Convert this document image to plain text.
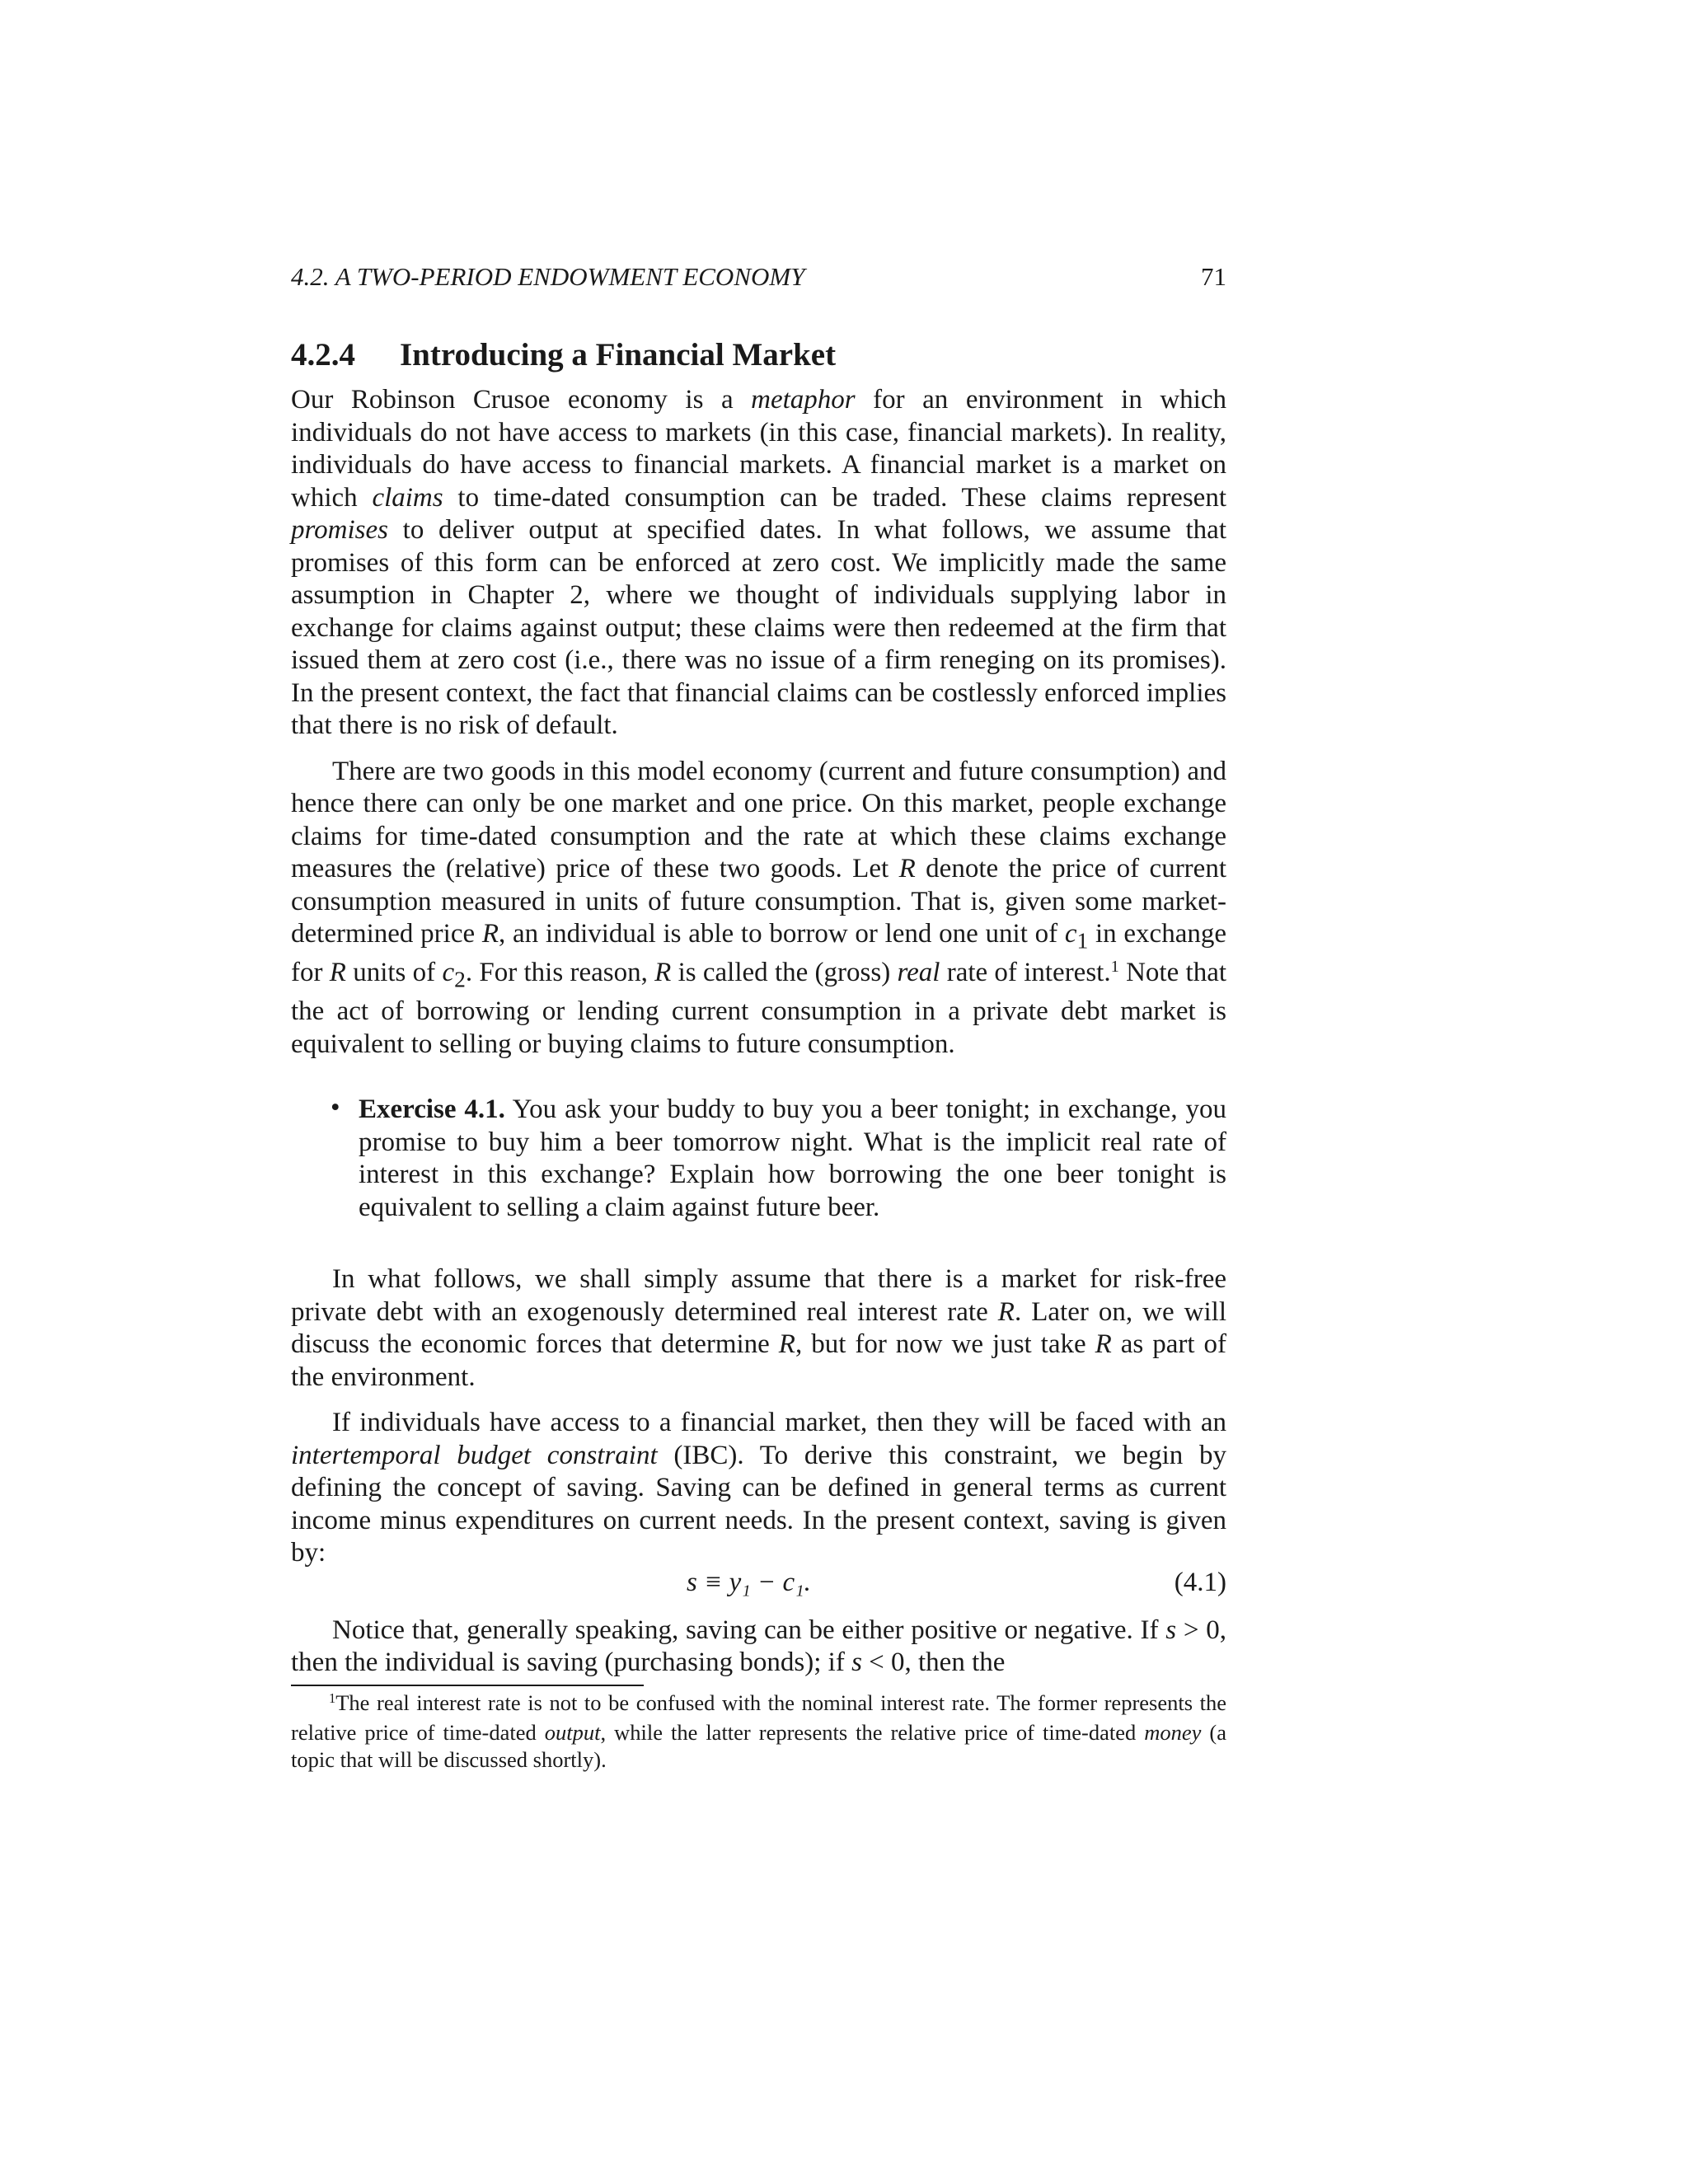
4.2. A TWO-PERIOD ENDOWMENT ECONOMY	71
4.2.4 Introducing a Financial Market

Our Robinson Crusoe economy is a metaphor for an environment in which individuals do not have access to markets (in this case, financial markets). In reality, individuals do have access to financial markets. A financial market is a market on which claims to time-dated consumption can be traded. These claims represent promises to deliver output at specified dates. In what follows, we assume that promises of this form can be enforced at zero cost. We implicitly made the same assumption in Chapter 2, where we thought of individuals supplying labor in exchange for claims against output; these claims were then redeemed at the firm that issued them at zero cost (i.e., there was no issue of a firm reneging on its promises). In the present context, the fact that financial claims can be costlessly enforced implies that there is no risk of default.

There are two goods in this model economy (current and future consumption) and hence there can only be one market and one price. On this market, people exchange claims for time-dated consumption and the rate at which these claims exchange measures the (relative) price of these two goods. Let R denote the price of current consumption measured in units of future consumption. That is, given some market-determined price R, an individual is able to borrow or lend one unit of $c_1$ in exchange for R units of $c_2$. For this reason, R is called the (gross) real rate of interest.$^1$ Note that the act of borrowing or lending current consumption in a private debt market is equivalent to selling or buying claims to future consumption.

• Exercise 4.1. You ask your buddy to buy you a beer tonight; in exchange, you promise to buy him a beer tomorrow night. What is the implicit real rate of interest in this exchange? Explain how borrowing the one beer tonight is equivalent to selling a claim against future beer.

In what follows, we shall simply assume that there is a market for risk-free private debt with an exogenously determined real interest rate R. Later on, we will discuss the economic forces that determine R, but for now we just take R as part of the environment.

If individuals have access to a financial market, then they will be faced with an intertemporal budget constraint (IBC). To derive this constraint, we begin by defining the concept of saving. Saving can be defined in general terms as current income minus expenditures on current needs. In the present context, saving is given by:

s ≡ y₁ − c₁.	(4.1)

Notice that, generally speaking, saving can be either positive or negative. If s > 0, then the individual is saving (purchasing bonds); if s < 0, then the

$^1$The real interest rate is not to be confused with the nominal interest rate. The former represents the relative price of time-dated output, while the latter represents the relative price of time-dated money (a topic that will be discussed shortly).
